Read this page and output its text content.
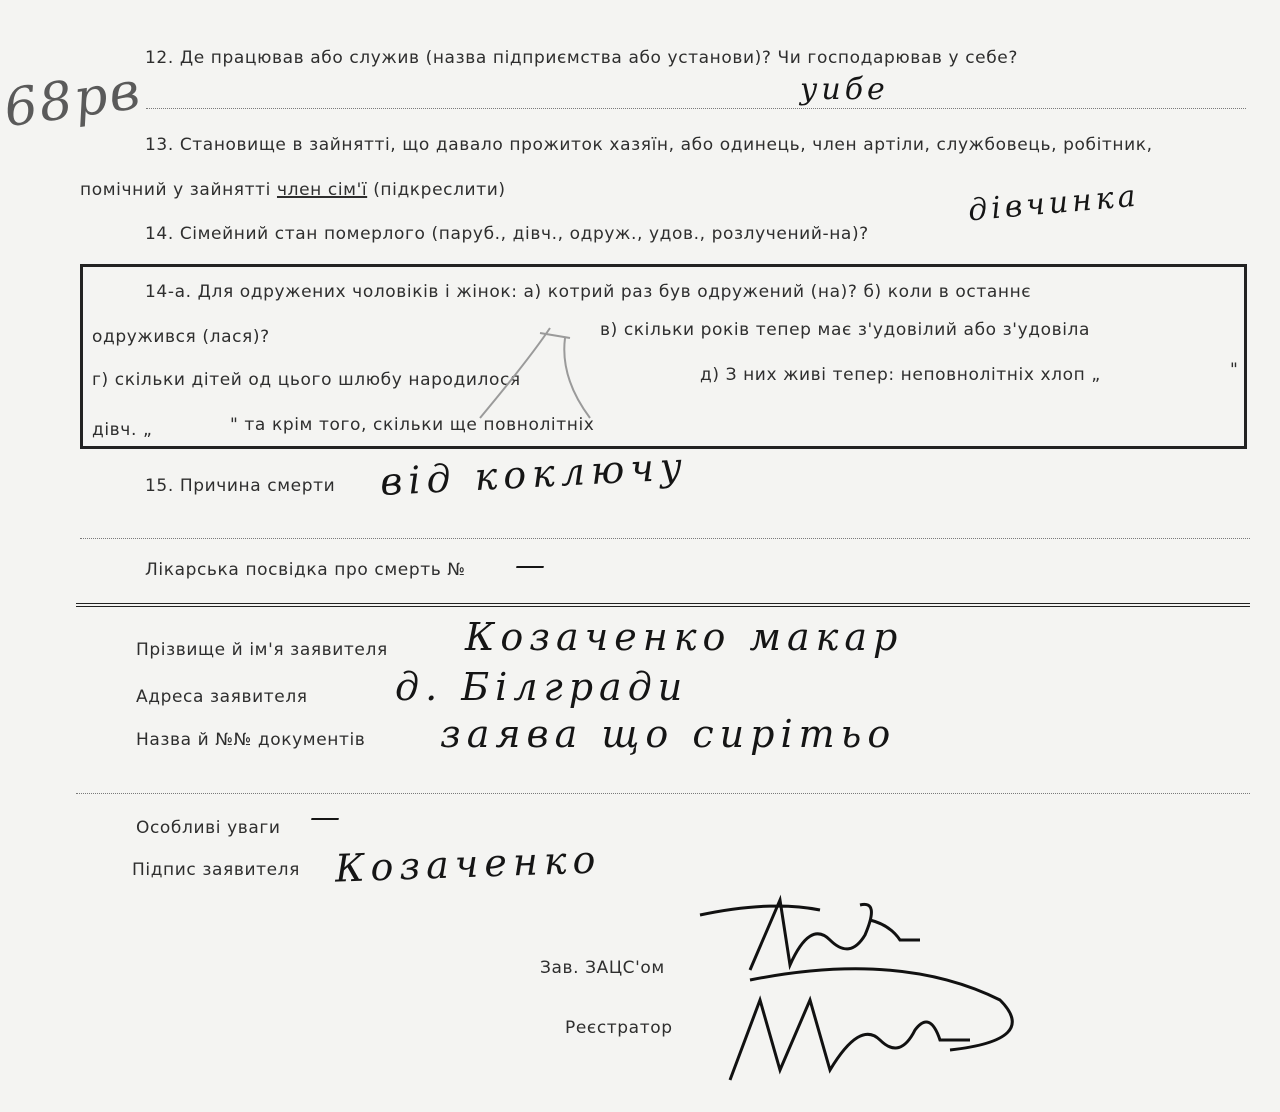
68рв
12. Де працював або служив (назва підприємства або установи)? Чи господарював у себе?
уибе
13. Становище в зайнятті, що давало прожиток хазяїн, або одинець, член артіли, службовець, робітник,
помічний у зайнятті член сім'ї (підкреслити)
14. Сімейний стан померлого (паруб., дівч., одруж., удов., розлучений-на)?
дівчинка
14-а. Для одружених чоловіків і жінок: а) котрий раз був одружений (на)? б) коли в останнє
одружився (лася)?	в) скільки років тепер має з'удовілий або з'удовіла
г) скільки дітей од цього шлюбу народилося	д) З них живі тепер: неповнолітніх хлоп „	"
дівч. „	" та крім того, скільки ще повнолітніх
15. Причина смерти від коключу
Лікарська посвідка про смерть № —
Прізвище й ім'я заявителя Козаченко макар
Адреса заявителя д. Білгради
Назва й №№ документів заява що сирітьо
Особливі уваги —
Підпис заявителя Козаченко
Зав. ЗАЦС'ом
Реєстратор
